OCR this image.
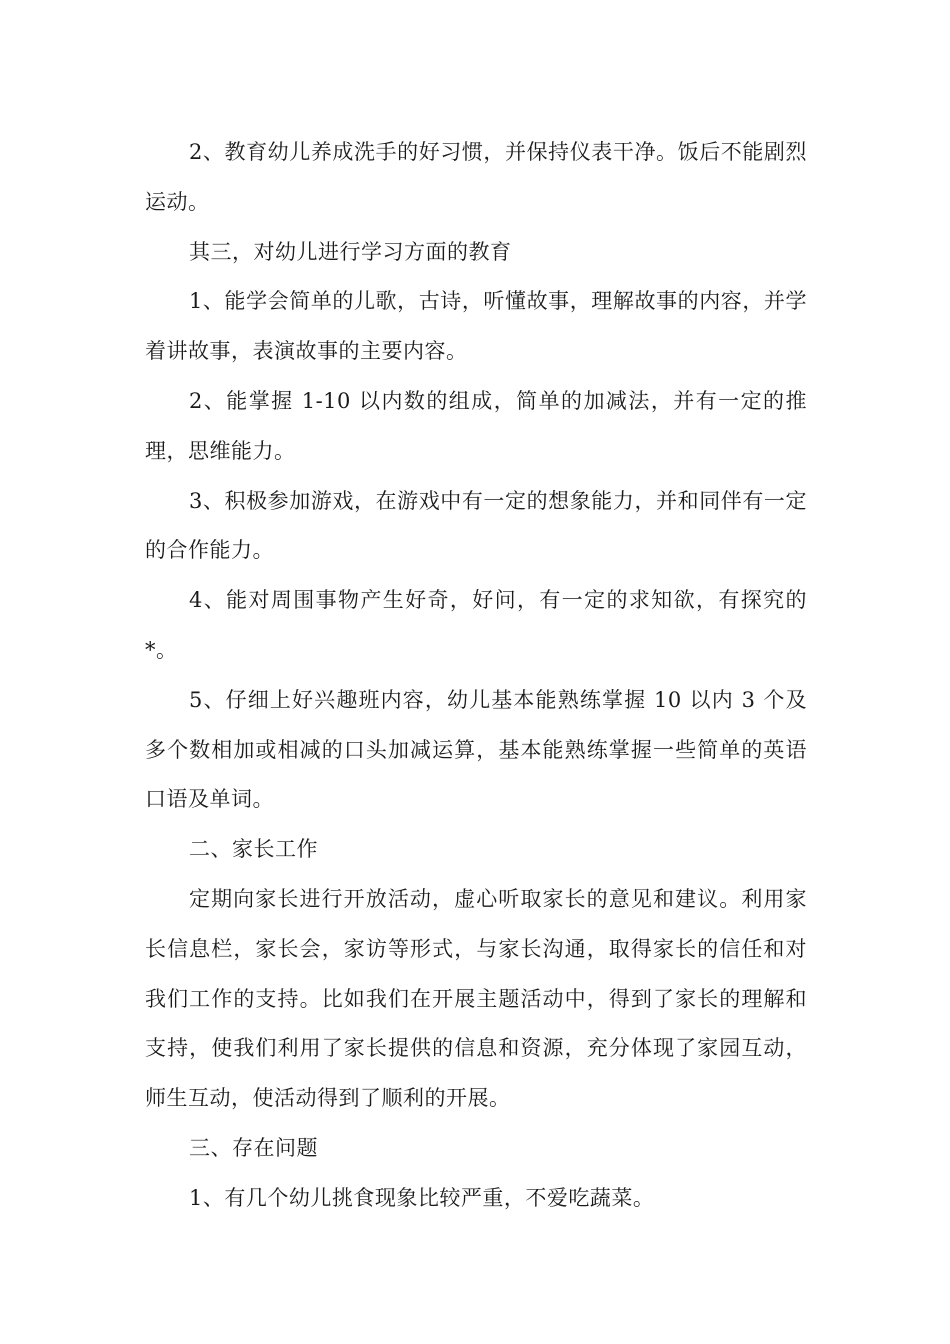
2、教育幼儿养成洗手的好习惯，并保持仪表干净。饭后不能剧烈运动。

其三，对幼儿进行学习方面的教育

1、能学会简单的儿歌，古诗，听懂故事，理解故事的内容，并学着讲故事，表演故事的主要内容。

2、能掌握 1-10 以内数的组成，简单的加减法，并有一定的推理，思维能力。

3、积极参加游戏，在游戏中有一定的想象能力，并和同伴有一定的合作能力。

4、能对周围事物产生好奇，好问，有一定的求知欲，有探究的*。

5、仔细上好兴趣班内容，幼儿基本能熟练掌握 10 以内 3 个及多个数相加或相减的口头加减运算，基本能熟练掌握一些简单的英语口语及单词。

二、家长工作

定期向家长进行开放活动，虚心听取家长的意见和建议。利用家长信息栏，家长会，家访等形式，与家长沟通，取得家长的信任和对我们工作的支持。比如我们在开展主题活动中，得到了家长的理解和支持，使我们利用了家长提供的信息和资源，充分体现了家园互动，师生互动，使活动得到了顺利的开展。

三、存在问题

1、有几个幼儿挑食现象比较严重，不爱吃蔬菜。
